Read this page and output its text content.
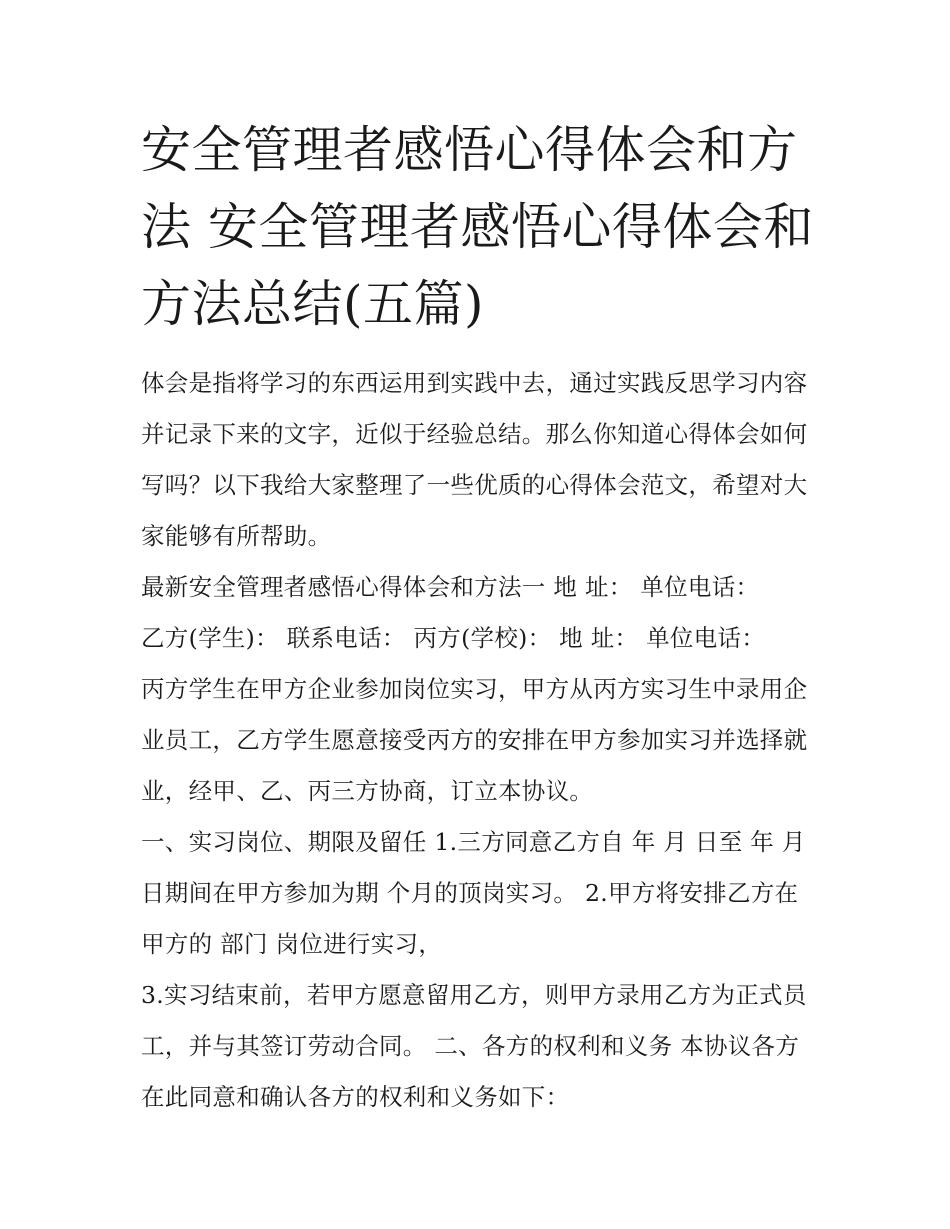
安全管理者感悟心得体会和方法 安全管理者感悟心得体会和方法总结(五篇)

体会是指将学习的东西运用到实践中去，通过实践反思学习内容并记录下来的文字，近似于经验总结。那么你知道心得体会如何写吗？以下我给大家整理了一些优质的心得体会范文，希望对大家能够有所帮助。

最新安全管理者感悟心得体会和方法一 地 址： 单位电话：

乙方(学生)： 联系电话： 丙方(学校)： 地 址： 单位电话：

丙方学生在甲方企业参加岗位实习，甲方从丙方实习生中录用企业员工，乙方学生愿意接受丙方的安排在甲方参加实习并选择就业，经甲、乙、丙三方协商，订立本协议。

一、实习岗位、期限及留任 1.三方同意乙方自 年 月 日至 年 月 日期间在甲方参加为期 个月的顶岗实习。 2.甲方将安排乙方在甲方的 部门 岗位进行实习，

3.实习结束前，若甲方愿意留用乙方，则甲方录用乙方为正式员工，并与其签订劳动合同。 二、各方的权利和义务 本协议各方在此同意和确认各方的权利和义务如下：
